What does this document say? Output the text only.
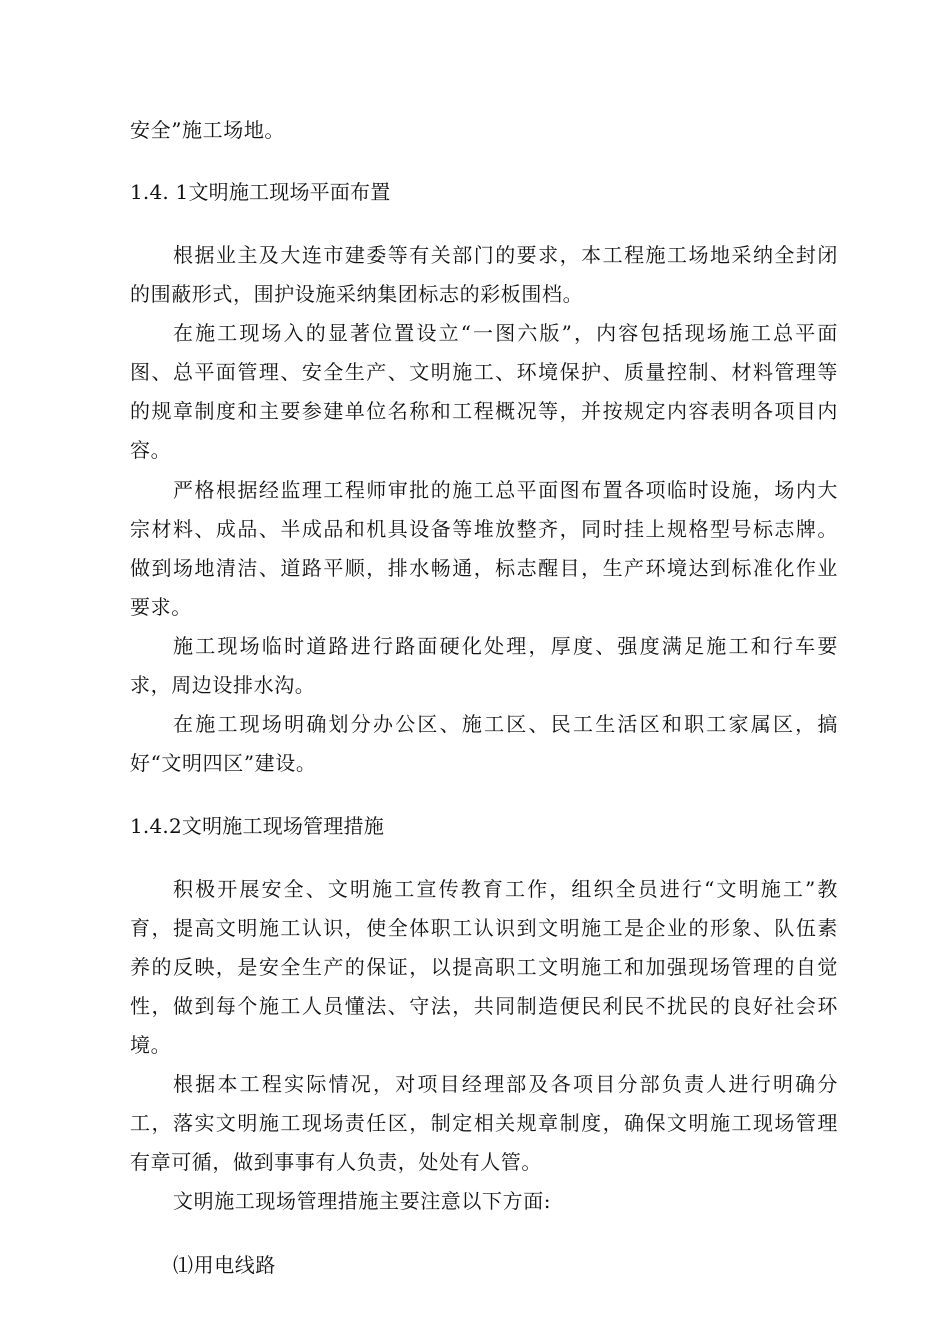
安全”施工场地。
1.4. 1文明施工现场平面布置
根据业主及大连市建委等有关部门的要求，本工程施工场地采纳全封闭
的围蔽形式，围护设施采纳集团标志的彩板围档。
在施工现场入的显著位置设立“一图六版”，内容包括现场施工总平面
图、总平面管理、安全生产、文明施工、环境保护、质量控制、材料管理等
的规章制度和主要参建单位名称和工程概况等，并按规定内容表明各项目内
容。
严格根据经监理工程师审批的施工总平面图布置各项临时设施，场内大
宗材料、成品、半成品和机具设备等堆放整齐，同时挂上规格型号标志牌。
做到场地清洁、道路平顺，排水畅通，标志醒目，生产环境达到标准化作业
要求。
施工现场临时道路进行路面硬化处理，厚度、强度满足施工和行车要
求，周边设排水沟。
在施工现场明确划分办公区、施工区、民工生活区和职工家属区，搞
好“文明四区”建设。
1.4.2文明施工现场管理措施
积极开展安全、文明施工宣传教育工作，组织全员进行“文明施工”教
育，提高文明施工认识，使全体职工认识到文明施工是企业的形象、队伍素
养的反映，是安全生产的保证，以提高职工文明施工和加强现场管理的自觉
性，做到每个施工人员懂法、守法，共同制造便民利民不扰民的良好社会环
境。
根据本工程实际情况，对项目经理部及各项目分部负责人进行明确分
工，落实文明施工现场责任区，制定相关规章制度，确保文明施工现场管理
有章可循，做到事事有人负责，处处有人管。
文明施工现场管理措施主要注意以下方面:
⑴用电线路
